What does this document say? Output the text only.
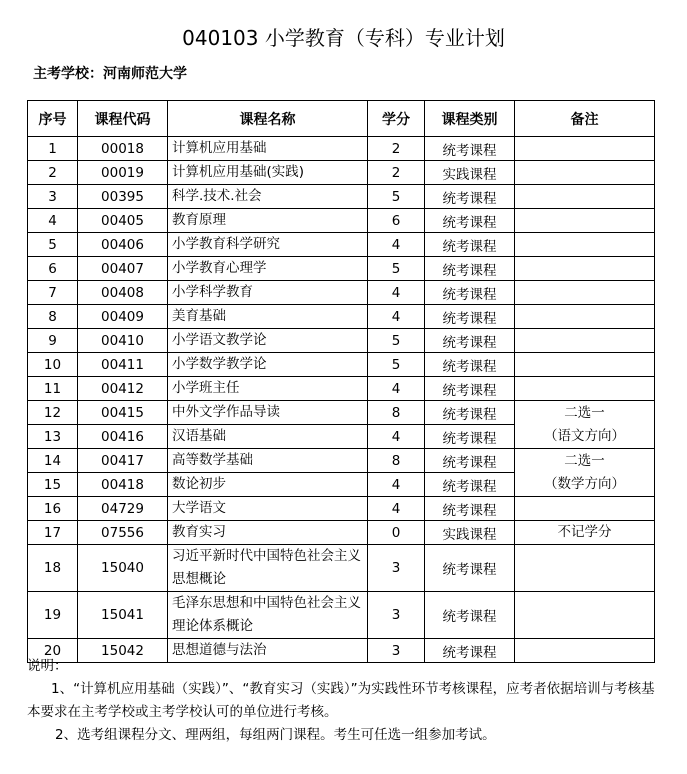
040103 小学教育（专科）专业计划
主考学校：河南师范大学
序号	课程代码	课程名称	学分	课程类别	备注
1	00018	计算机应用基础	2	统考课程	
2	00019	计算机应用基础(实践)	2	实践课程	
3	00395	科学.技术.社会	5	统考课程	
4	00405	教育原理	6	统考课程	
5	00406	小学教育科学研究	4	统考课程	
6	00407	小学教育心理学	5	统考课程	
7	00408	小学科学教育	4	统考课程	
8	00409	美育基础	4	统考课程	
9	00410	小学语文教学论	5	统考课程	
10	00411	小学数学教学论	5	统考课程	
11	00412	小学班主任	4	统考课程	
12	00415	中外文学作品导读	8	统考课程	二选一
（语文方向）

13	00416	汉语基础	4	统考课程	
14	00417	高等数学基础	8	统考课程	二选一
（数学方向）

15	00418	数论初步	4	统考课程	
16	04729	大学语文	4	统考课程	
17	07556	教育实习	0	实践课程	不记学分

18	15040	习近平新时代中国特色社会主义思想概论	3	统考课程	
19	15041	毛泽东思想和中国特色社会主义理论体系概论	3	统考课程	
20	15042	思想道德与法治	3	统考课程	

说明：

1、“计算机应用基础（实践）”、“教育实习（实践）”为实践性环节考核课程，应考者依据培训与考核基本要求在主考学校或主考学校认可的单位进行考核。

2、选考组课程分文、理两组，每组两门课程。考生可任选一组参加考试。
